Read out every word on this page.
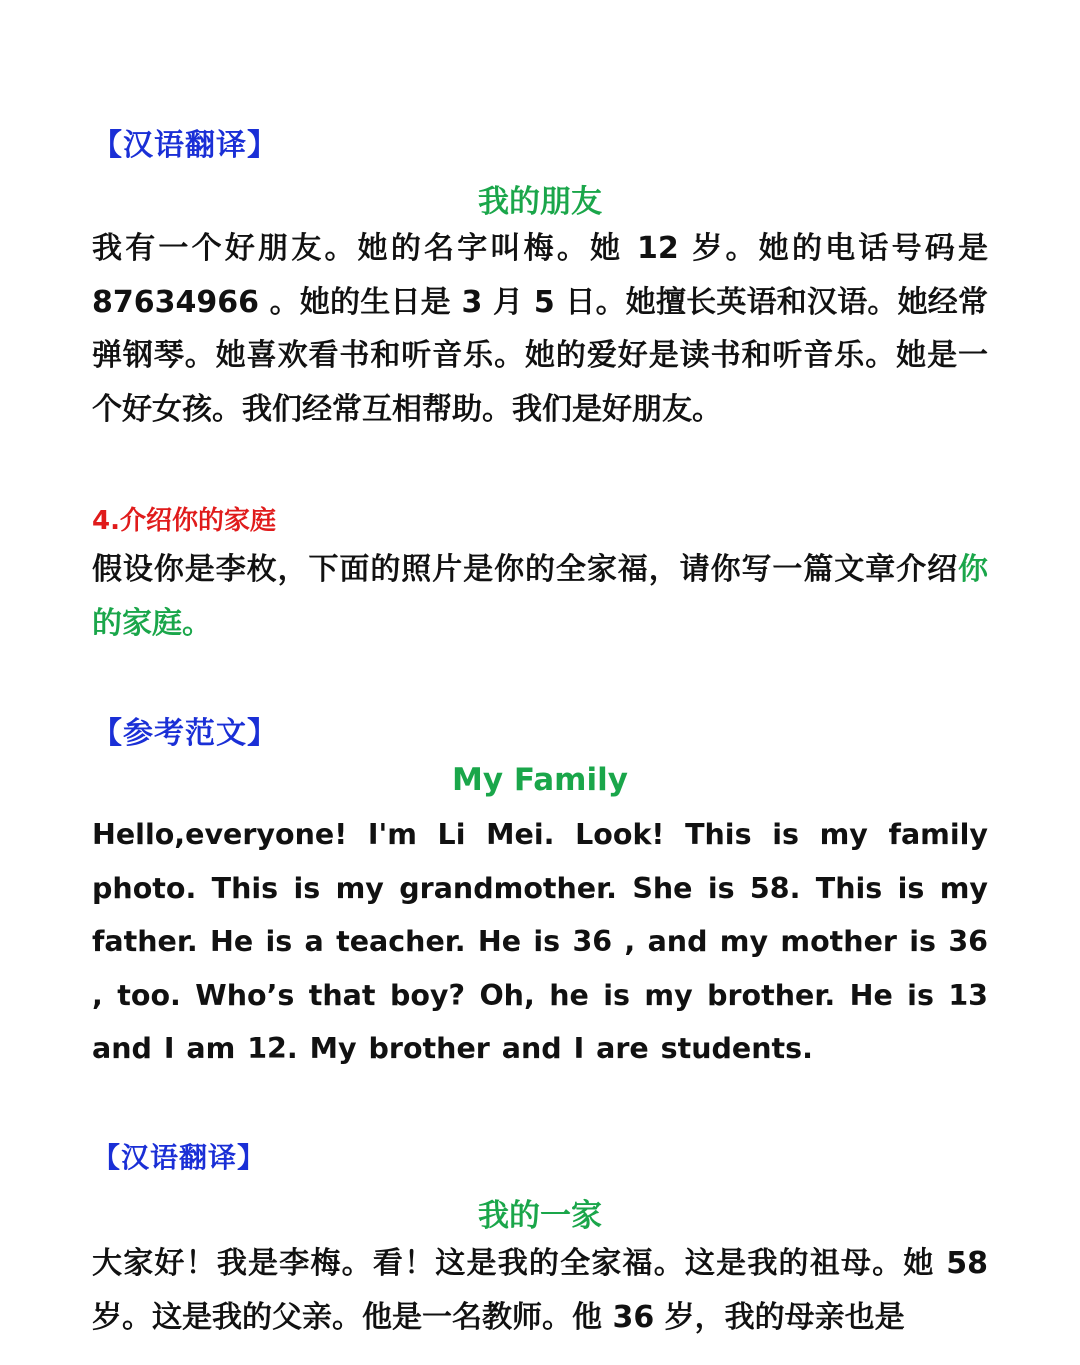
【汉语翻译】
我的朋友

我有一个好朋友。她的名字叫梅。她 12 岁。她的电话号码是 87634966 。她的生日是 3 月 5 日。她擅长英语和汉语。她经常弹钢琴。她喜欢看书和听音乐。她的爱好是读书和听音乐。她是一个好女孩。我们经常互相帮助。我们是好朋友。

4.介绍你的家庭

假设你是李枚，下面的照片是你的全家福，请你写一篇文章介绍你的家庭。

【参考范文】
My Family

Hello,everyone! I'm Li Mei. Look! This is my family photo. This is my grandmother. She is 58. This is my father. He is a teacher. He is 36 , and my mother is 36 , too. Who’s that boy? Oh, he is my brother. He is 13 and I am 12. My brother and I are students.

【汉语翻译】
我的一家

大家好！我是李梅。看！这是我的全家福。这是我的祖母。她 58 岁。这是我的父亲。他是一名教师。他 36 岁，我的母亲也是
